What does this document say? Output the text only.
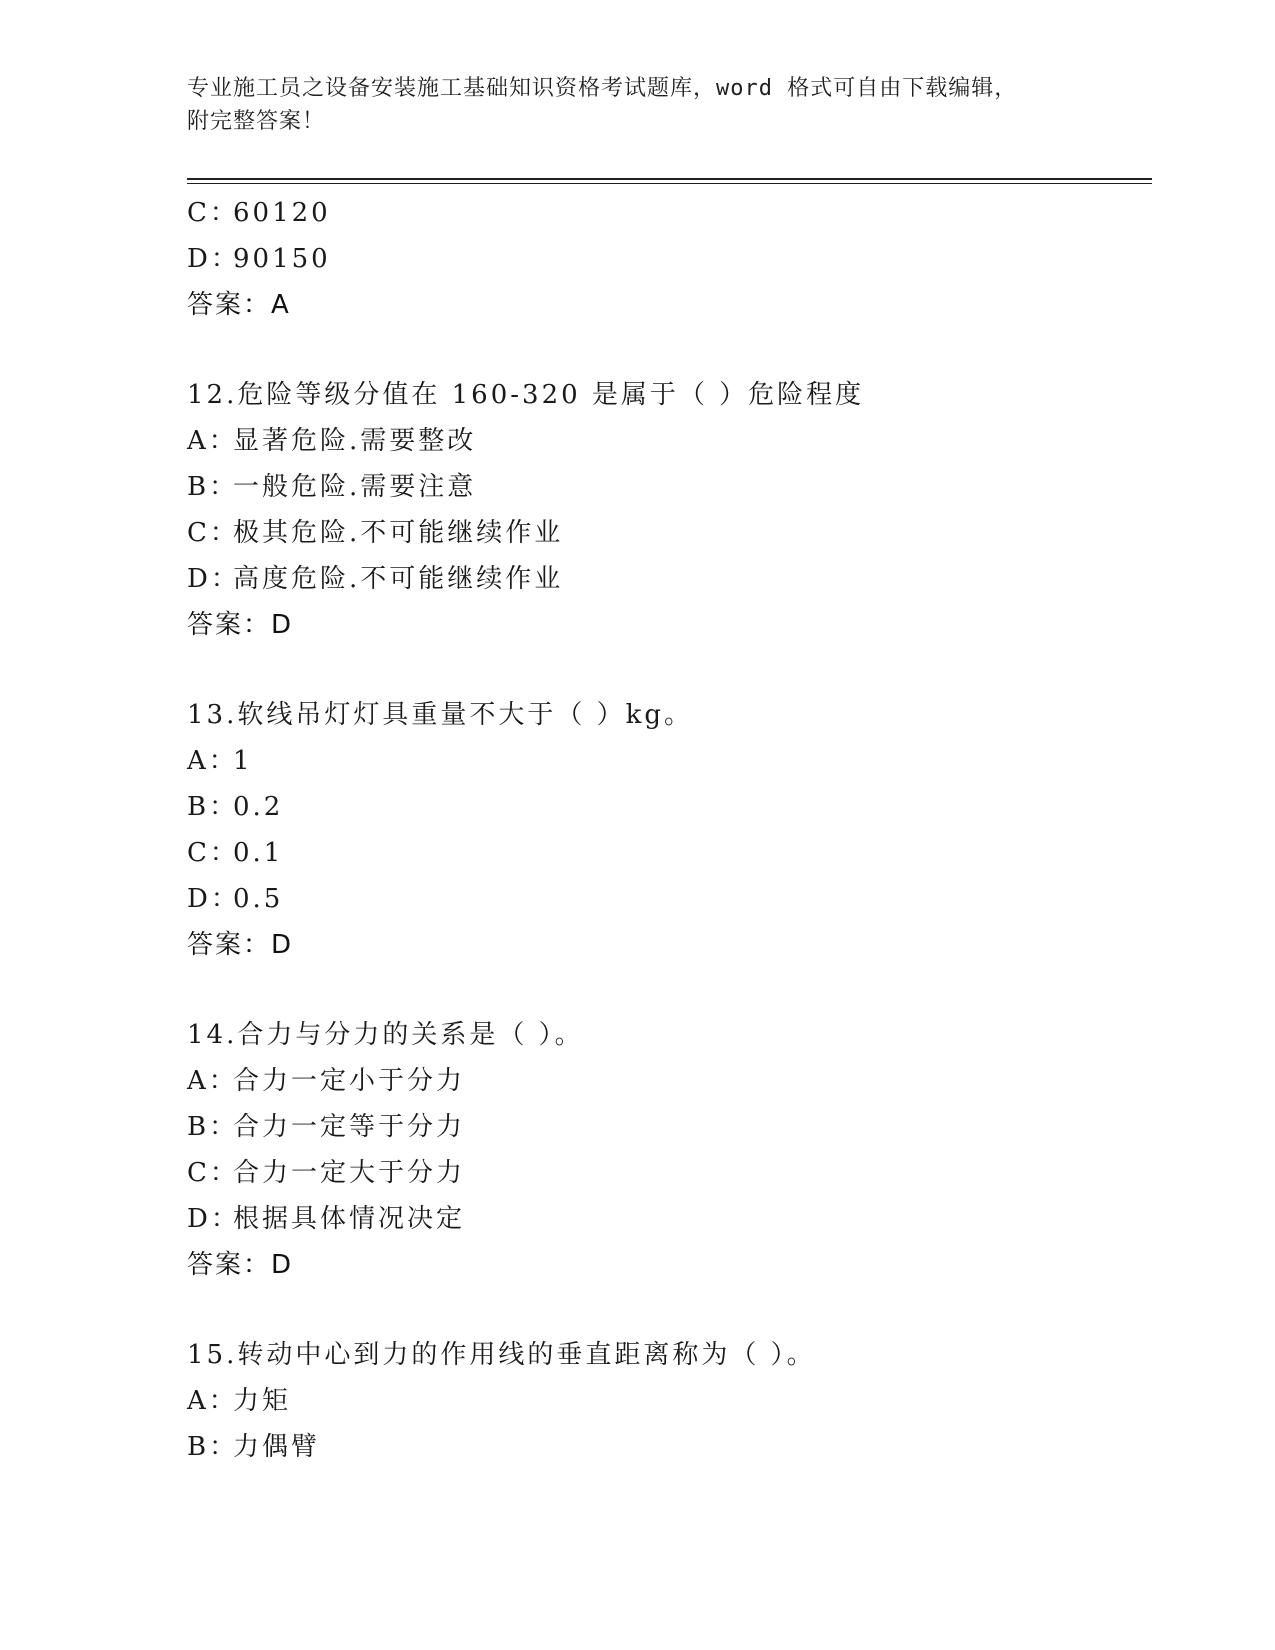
专业施工员之设备安装施工基础知识资格考试题库，word 格式可自由下载编辑，
附完整答案！
C：60120
D：90150
答案：A
12.危险等级分值在 160-320 是属于（ ）危险程度
A：显著危险.需要整改
B：一般危险.需要注意
C：极其危险.不可能继续作业
D：高度危险.不可能继续作业
答案：D
13.软线吊灯灯具重量不大于（ ）kg。
A：1
B：0.2
C：0.1
D：0.5
答案：D
14.合力与分力的关系是（ ）。
A：合力一定小于分力
B：合力一定等于分力
C：合力一定大于分力
D：根据具体情况决定
答案：D
15.转动中心到力的作用线的垂直距离称为（ ）。
A：力矩
B：力偶臂
